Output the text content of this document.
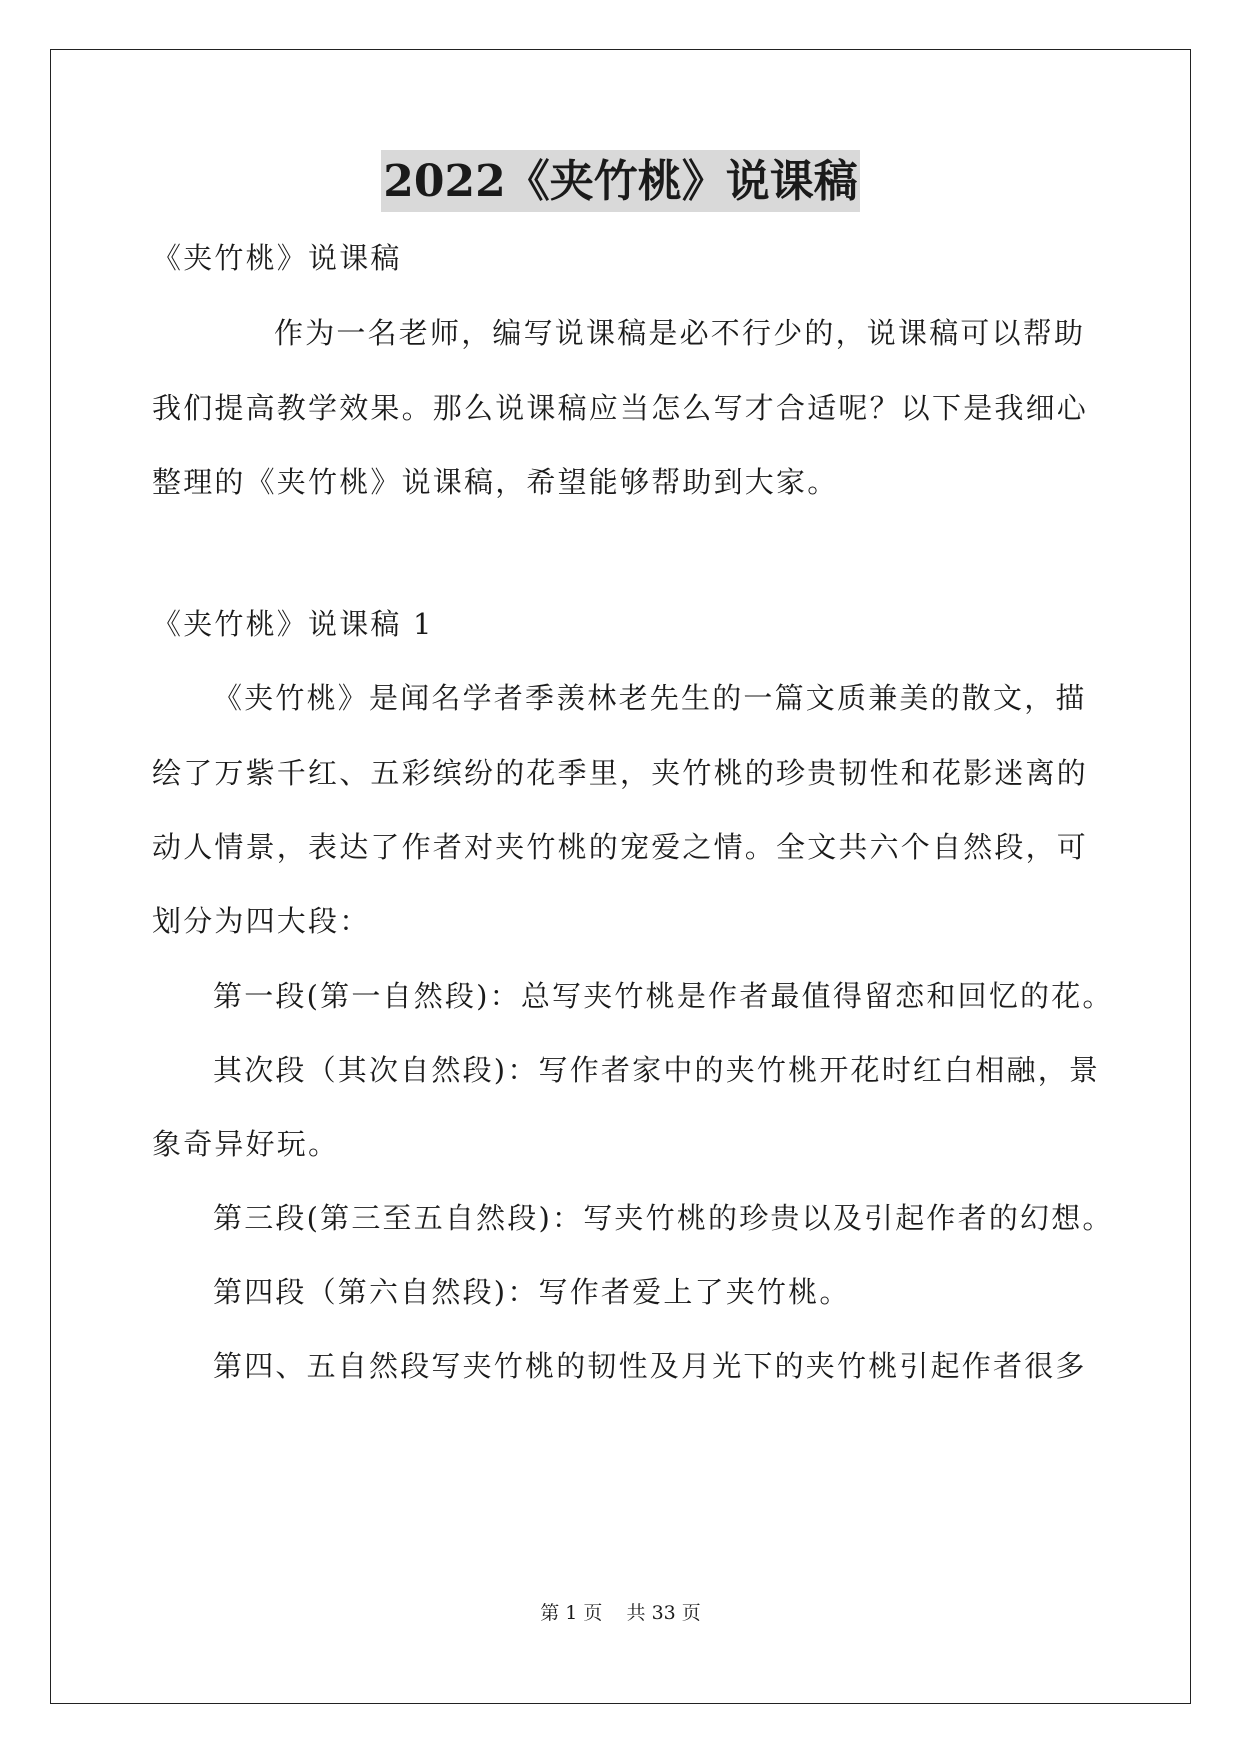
2022《夹竹桃》说课稿
《夹竹桃》说课稿
作为一名老师，编写说课稿是必不行少的，说课稿可以帮助
我们提高教学效果。那么说课稿应当怎么写才合适呢？以下是我细心
整理的《夹竹桃》说课稿，希望能够帮助到大家。
《夹竹桃》说课稿 1
《夹竹桃》是闻名学者季羡林老先生的一篇文质兼美的散文，描
绘了万紫千红、五彩缤纷的花季里，夹竹桃的珍贵韧性和花影迷离的
动人情景，表达了作者对夹竹桃的宠爱之情。全文共六个自然段，可
划分为四大段：
第一段(第一自然段)：总写夹竹桃是作者最值得留恋和回忆的花。
其次段（其次自然段)：写作者家中的夹竹桃开花时红白相融，景
象奇异好玩。
第三段(第三至五自然段)：写夹竹桃的珍贵以及引起作者的幻想。
第四段（第六自然段)：写作者爱上了夹竹桃。
第四、五自然段写夹竹桃的韧性及月光下的夹竹桃引起作者很多
第 1 页    共 33 页
